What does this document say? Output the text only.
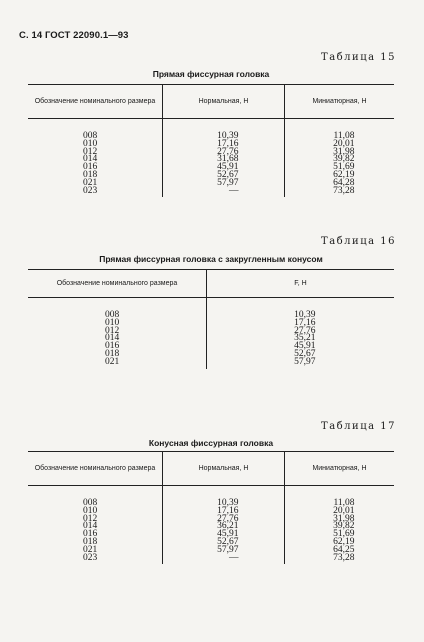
С. 14 ГОСТ 22090.1—93
Таблица 15
Прямая фиссурная головка
Обозначение номинального размера	Нормальная, Н	Миниатюрная, Н

008	10,39	11,08
010	17,16	20,01
012	27,76	31,98
014	31,68	39,82
016	45,91	51,69
018	52,67	62,19
021	57,97	64,28
023	—	73,28
Таблица 16
Прямая фиссурная головка с закругленным конусом
Обозначение номинального размера	F, Н

008	10,39
010	17,16
012	27,76
014	35,21
016	45,91
018	52,67
021	57,97
Таблица 17
Конусная фиссурная головка
Обозначение номинального размера	Нормальная, Н	Миниатюрная, Н

008	10,39	11,08
010	17,16	20,01
012	27,76	31,98
014	36,21	39,82
016	45,91	51,69
018	52,67	62,19
021	57,97	64,25
023	—	73,28
